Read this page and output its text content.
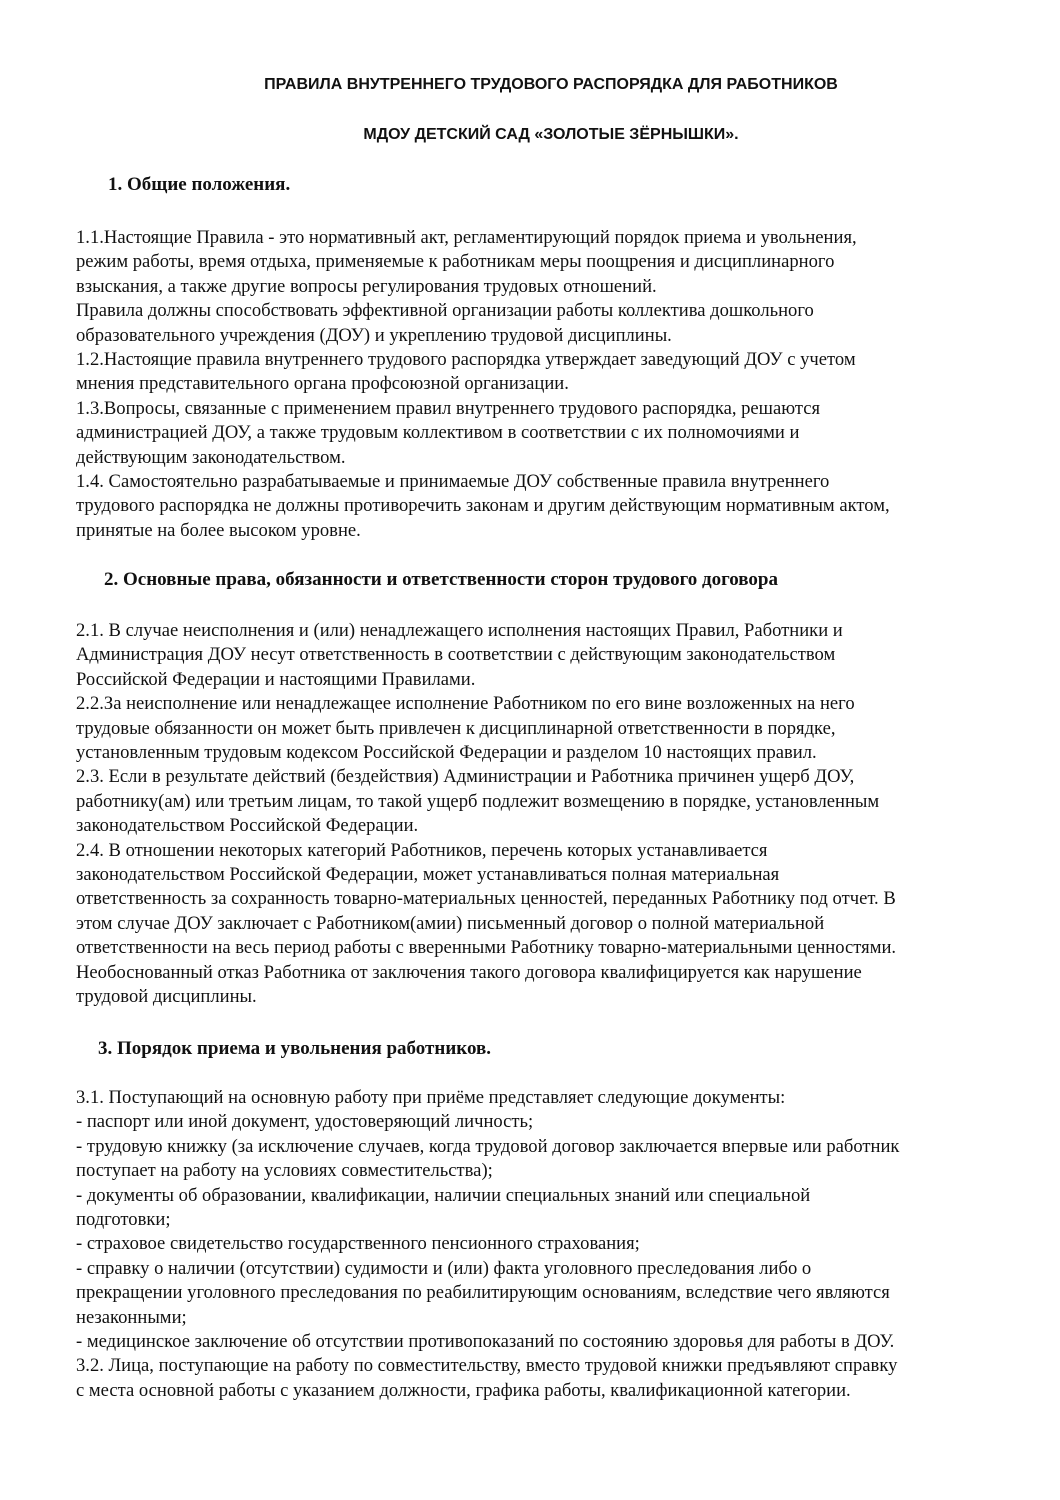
ПРАВИЛА ВНУТРЕННЕГО ТРУДОВОГО РАСПОРЯДКА ДЛЯ РАБОТНИКОВ
МДОУ ДЕТСКИЙ САД «ЗОЛОТЫЕ ЗЁРНЫШКИ».
1. Общие положения.
1.1.Настоящие Правила - это нормативный акт, регламентирующий порядок приема и увольнения,
режим работы, время отдыха, применяемые к работникам меры поощрения и дисциплинарного
взыскания, а также другие вопросы регулирования трудовых отношений.
Правила должны способствовать эффективной организации работы коллектива дошкольного
образовательного учреждения (ДОУ) и укреплению трудовой дисциплины.
1.2.Настоящие правила внутреннего трудового распорядка утверждает заведующий ДОУ с учетом
мнения представительного органа профсоюзной организации.
1.3.Вопросы, связанные с применением правил внутреннего трудового распорядка, решаются
администрацией ДОУ, а также трудовым коллективом в соответствии с их полномочиями и
действующим законодательством.
1.4. Самостоятельно разрабатываемые и принимаемые ДОУ собственные правила внутреннего
трудового распорядка не должны противоречить законам и другим действующим нормативным актом,
принятые на более высоком уровне.
2. Основные права, обязанности и ответственности сторон трудового договора
2.1. В случае неисполнения и (или) ненадлежащего исполнения настоящих Правил, Работники и
Администрация ДОУ несут ответственность в соответствии с действующим законодательством
Российской Федерации и настоящими Правилами.
2.2.За неисполнение или ненадлежащее исполнение Работником по его вине возложенных на него
трудовые обязанности он может быть привлечен к дисциплинарной ответственности в порядке,
установленным трудовым кодексом Российской Федерации и разделом 10 настоящих правил.
2.3. Если в результате действий (бездействия) Администрации и Работника причинен ущерб ДОУ,
работнику(ам) или третьим лицам, то такой ущерб подлежит возмещению в порядке, установленным
законодательством Российской Федерации.
2.4. В отношении некоторых категорий Работников, перечень которых устанавливается
законодательством Российской Федерации, может устанавливаться полная материальная
ответственность за сохранность товарно-материальных ценностей, переданных Работнику под отчет. В
этом случае ДОУ заключает с Работником(амии) письменный договор о полной материальной
ответственности на весь период работы с вверенными Работнику товарно-материальными ценностями.
Необоснованный отказ Работника от заключения такого договора квалифицируется как нарушение
трудовой дисциплины.
3. Порядок приема и увольнения работников.
3.1. Поступающий на основную работу при приёме представляет следующие документы:
- паспорт или иной документ, удостоверяющий личность;
- трудовую книжку (за исключение случаев, когда трудовой договор заключается впервые или работник
поступает на работу на условиях совместительства);
- документы об образовании, квалификации, наличии специальных знаний или специальной
подготовки;
- страховое свидетельство государственного пенсионного страхования;
- справку о наличии (отсутствии) судимости и (или) факта уголовного преследования либо о
прекращении уголовного преследования по реабилитирующим основаниям, вследствие чего являются
незаконными;
- медицинское заключение об отсутствии противопоказаний по состоянию здоровья для работы в ДОУ.
3.2. Лица, поступающие на работу по совместительству, вместо трудовой книжки предъявляют справку
с места основной работы с указанием должности, графика работы, квалификационной категории.
